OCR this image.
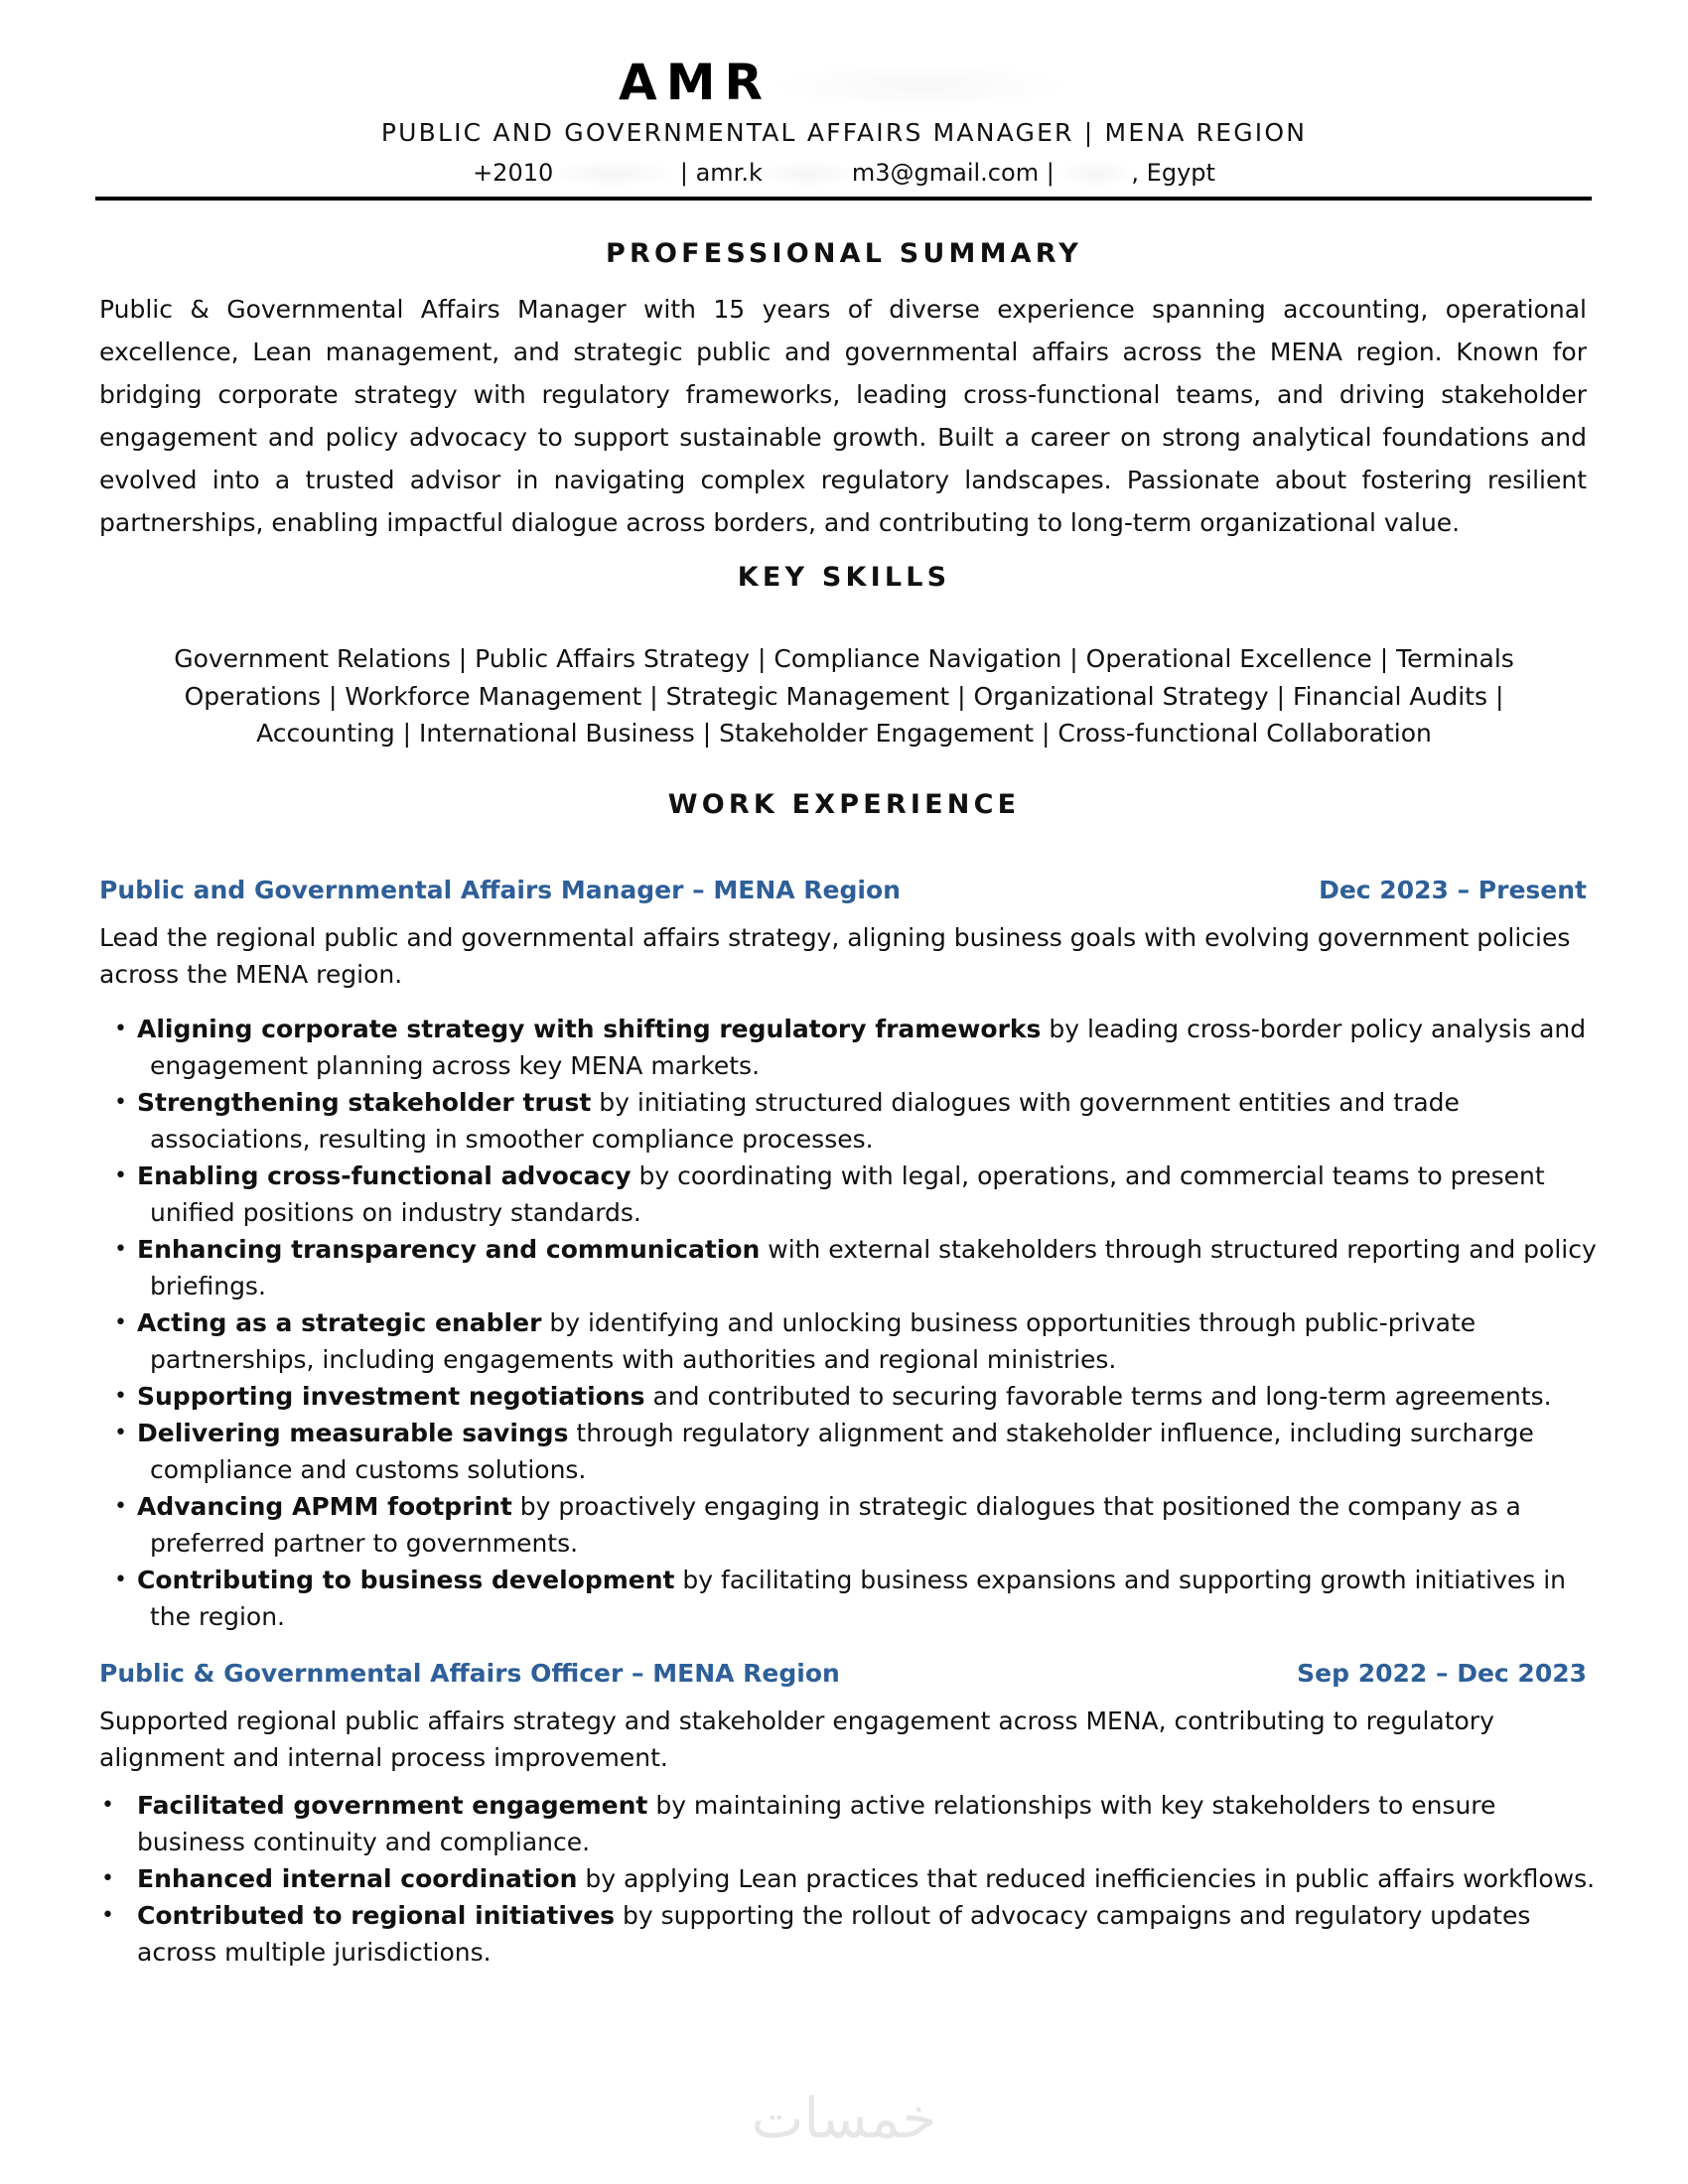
AMR
PUBLIC AND GOVERNMENTAL AFFAIRS MANAGER | MENA REGION
+2010	| amr.k	m3@gmail.com |	, Egypt
PROFESSIONAL SUMMARY

Public & Governmental Affairs Manager with 15 years of diverse experience spanning accounting, operational excellence, Lean management, and strategic public and governmental affairs across the MENA region. Known for bridging corporate strategy with regulatory frameworks, leading cross-functional teams, and driving stakeholder engagement and policy advocacy to support sustainable growth. Built a career on strong analytical foundations and evolved into a trusted advisor in navigating complex regulatory landscapes. Passionate about fostering resilient partnerships, enabling impactful dialogue across borders, and contributing to long-term organizational value.

KEY SKILLS

Government Relations | Public Affairs Strategy | Compliance Navigation | Operational Excellence | Terminals Operations | Workforce Management | Strategic Management | Organizational Strategy | Financial Audits | Accounting | International Business | Stakeholder Engagement | Cross-functional Collaboration

WORK EXPERIENCE
Public and Governmental Affairs Manager – MENA Region	Dec 2023 – Present

Lead the regional public and governmental affairs strategy, aligning business goals with evolving government policies across the MENA region.

• Aligning corporate strategy with shifting regulatory frameworks by leading cross-border policy analysis and engagement planning across key MENA markets.
• Strengthening stakeholder trust by initiating structured dialogues with government entities and trade associations, resulting in smoother compliance processes.
• Enabling cross-functional advocacy by coordinating with legal, operations, and commercial teams to present unified positions on industry standards.
• Enhancing transparency and communication with external stakeholders through structured reporting and policy briefings.
• Acting as a strategic enabler by identifying and unlocking business opportunities through public-private partnerships, including engagements with authorities and regional ministries.
• Supporting investment negotiations and contributed to securing favorable terms and long-term agreements.
• Delivering measurable savings through regulatory alignment and stakeholder influence, including surcharge compliance and customs solutions.
• Advancing APMM footprint by proactively engaging in strategic dialogues that positioned the company as a preferred partner to governments.
• Contributing to business development by facilitating business expansions and supporting growth initiatives in the region.
Public & Governmental Affairs Officer – MENA Region	Sep 2022 – Dec 2023

Supported regional public affairs strategy and stakeholder engagement across MENA, contributing to regulatory alignment and internal process improvement.

• Facilitated government engagement by maintaining active relationships with key stakeholders to ensure business continuity and compliance.
• Enhanced internal coordination by applying Lean practices that reduced inefficiencies in public affairs workflows.
• Contributed to regional initiatives by supporting the rollout of advocacy campaigns and regulatory updates across multiple jurisdictions.
خمسات
